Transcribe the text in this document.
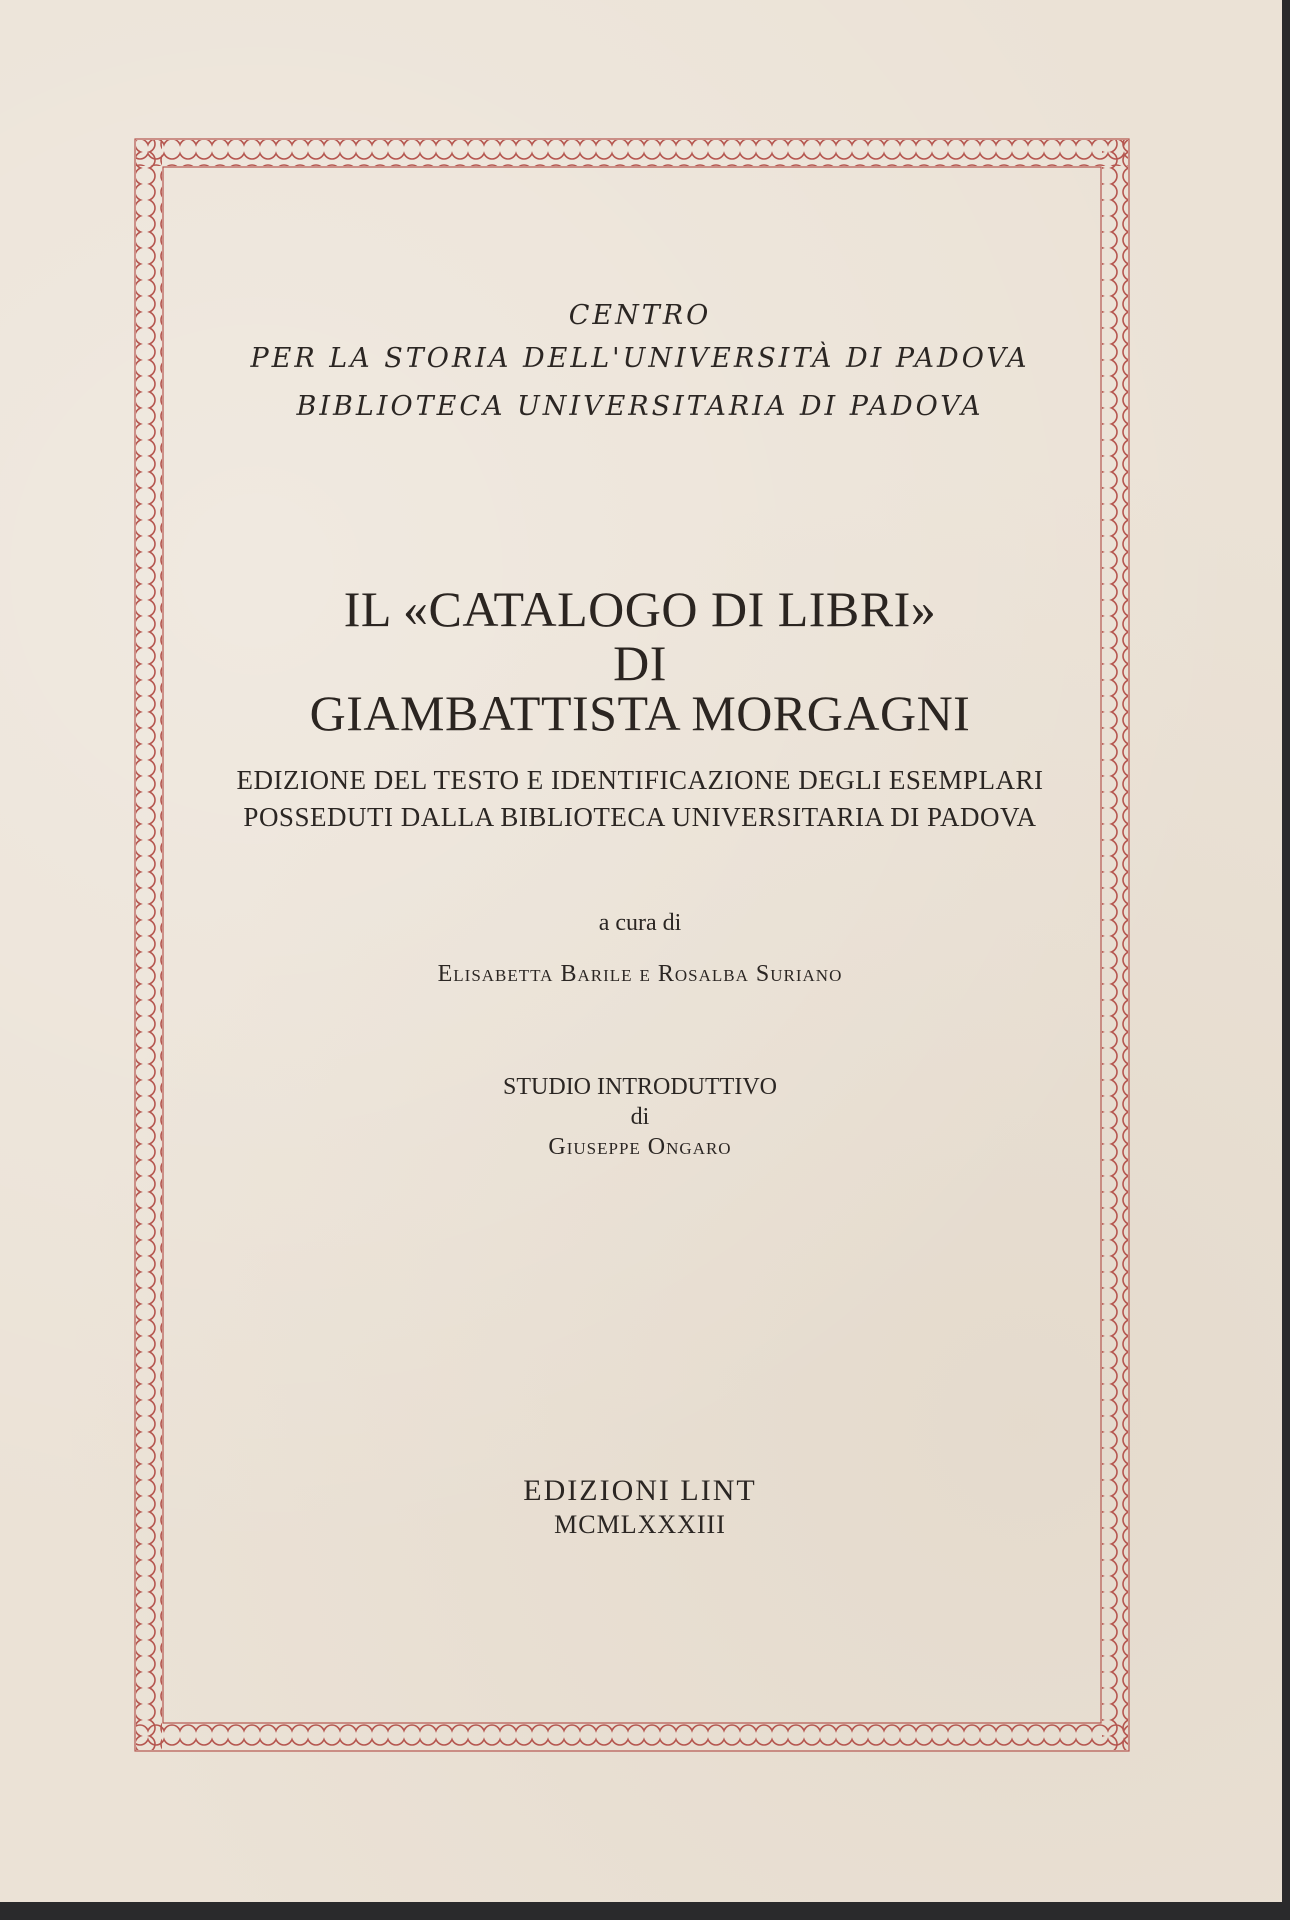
CENTRO
PER LA STORIA DELL'UNIVERSITÀ DI PADOVA
BIBLIOTECA UNIVERSITARIA DI PADOVA
IL «CATALOGO DI LIBRI»
DI
GIAMBATTISTA MORGAGNI
EDIZIONE DEL TESTO E IDENTIFICAZIONE DEGLI ESEMPLARI
POSSEDUTI DALLA BIBLIOTECA UNIVERSITARIA DI PADOVA
a cura di
Elisabetta Barile e Rosalba Suriano
STUDIO INTRODUTTIVO
di
Giuseppe Ongaro
EDIZIONI LINT
MCMLXXXIII
